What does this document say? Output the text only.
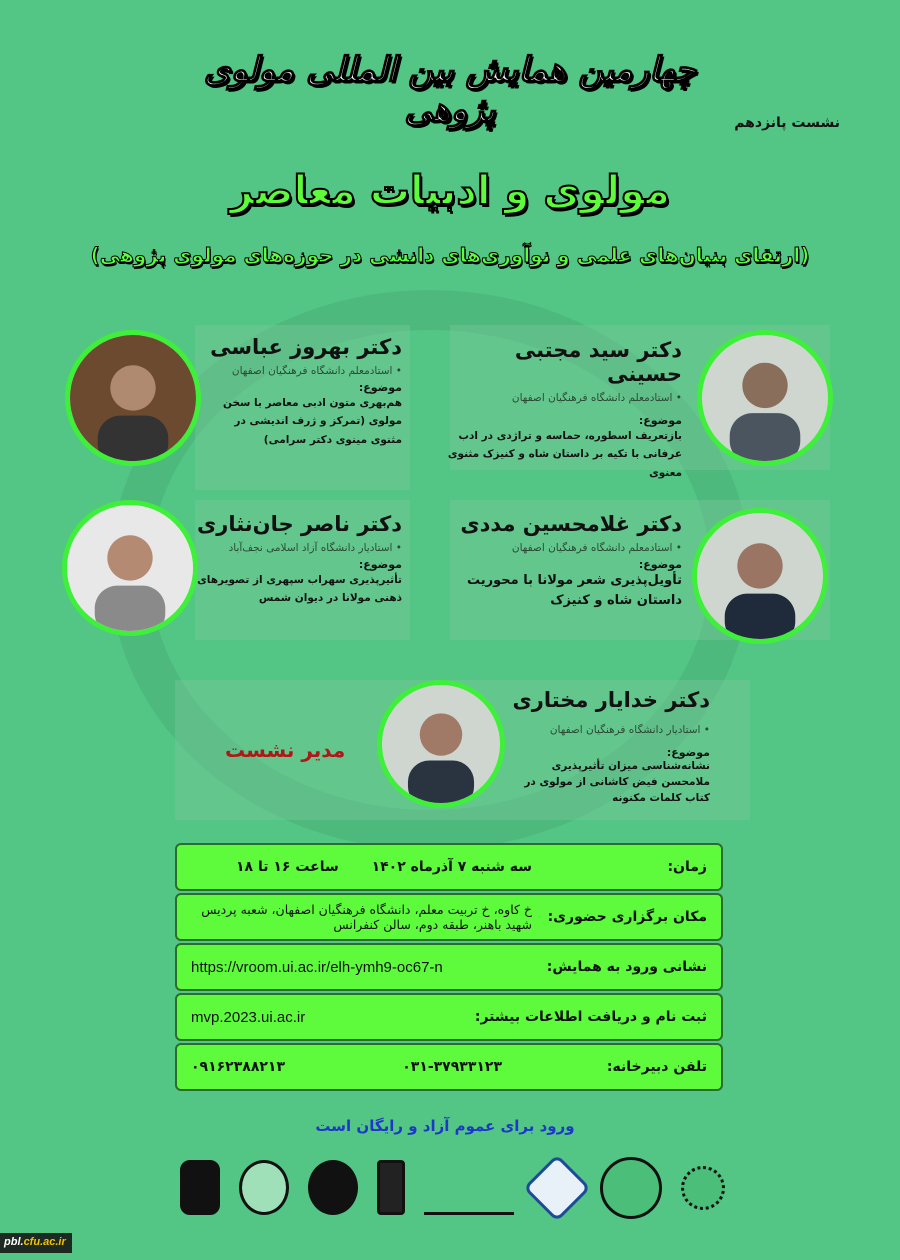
چهارمین همایش بین المللی مولوی پژوهی	نشست پانزدهم
مولوی و ادبیات معاصر
(ارتقای بنیان‌های علمی و نوآوری‌های دانشی در حوزه‌های مولوی پژوهی)
دکتر سید مجتبی حسینی
• استادمعلم دانشگاه فرهنگیان اصفهان
موضوع:
بازتعریف اسطوره، حماسه و تراژدی در ادب عرفانی با تکیه بر داستان شاه و کنیزک مثنوی معنوی
دکتر بهروز عباسی
• استادمعلم دانشگاه فرهنگیان اصفهان
موضوع:
هم‌بهری متون ادبی معاصر با سخن مولوی (تمرکز و ژرف اندیشی در مثنوی مینوی دکتر سرامی)
دکتر غلامحسین مددی
• استادمعلم دانشگاه فرهنگیان اصفهان
موضوع:
تأویل‌پذیری شعر مولانا با محوریت داستان شاه و کنیزک
دکتر ناصر جان‌نثاری
• استادیار دانشگاه آزاد اسلامی نجف‌آباد
موضوع:
تأثیرپذیری سهراب سپهری از تصویرهای ذهنی مولانا در دیوان شمس
دکتر خدایار مختاری
• استادیار دانشگاه فرهنگیان اصفهان
موضوع:
نشانه‌شناسی میزان تأثیرپذیری ملامحسن فیض کاشانی از مولوی در کتاب کلمات مکنونه
مدیر نشست
زمان:
سه شنبه ۷ آذرماه ۱۴۰۲
ساعت ۱۶ تا ۱۸
مکان برگزاری حضوری:
خ کاوه، خ تربیت معلم، دانشگاه فرهنگیان اصفهان، شعبه پردیس شهید باهنر، طبقه دوم، سالن کنفرانس
نشانی ورود به همایش:
https://vroom.ui.ac.ir/elh-ymh9-oc67-n
ثبت نام و دریافت اطلاعات بیشتر:
mvp.2023.ui.ac.ir
تلفن دبیرخانه:
۰۳۱-۳۷۹۳۳۱۲۳
۰۹۱۶۲۳۸۸۲۱۳
ورود برای عموم آزاد و رایگان است
pbl.cfu.ac.ir
